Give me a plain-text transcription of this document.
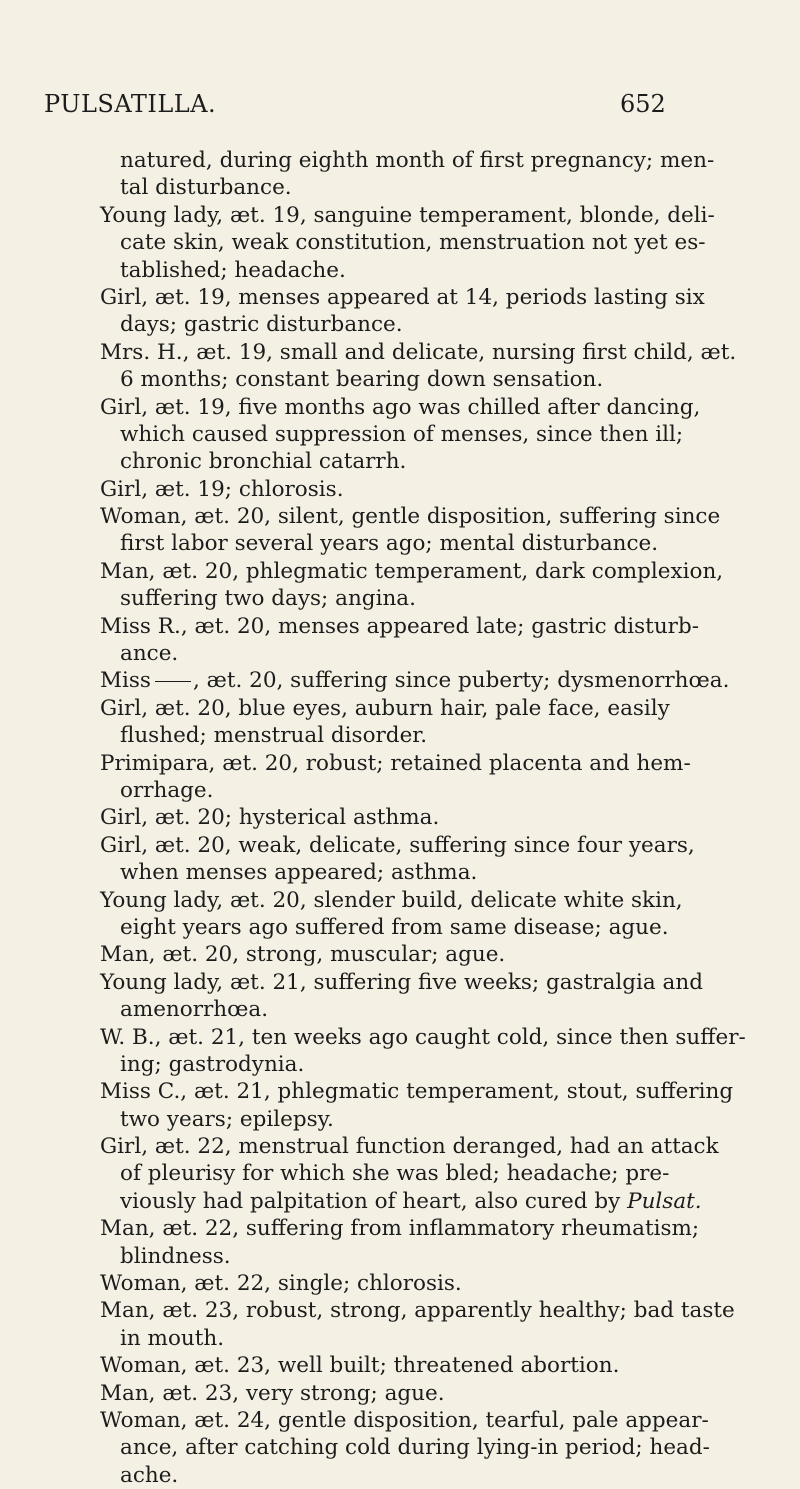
PULSATILLA.	652
natured, during eighth month of first pregnancy; men-
tal disturbance.
Young lady, æt. 19, sanguine temperament, blonde, deli-
cate skin, weak constitution, menstruation not yet es-
tablished; headache.
Girl, æt. 19, menses appeared at 14, periods lasting six
days; gastric disturbance.
Mrs. H., æt. 19, small and delicate, nursing first child, æt.
6 months; constant bearing down sensation.
Girl, æt. 19, five months ago was chilled after dancing,
which caused suppression of menses, since then ill;
chronic bronchial catarrh.
Girl, æt. 19; chlorosis.
Woman, æt. 20, silent, gentle disposition, suffering since
first labor several years ago; mental disturbance.
Man, æt. 20, phlegmatic temperament, dark complexion,
suffering two days; angina.
Miss R., æt. 20, menses appeared late; gastric disturb-
ance.
Miss , æt. 20, suffering since puberty; dysmenorrhœa.
Girl, æt. 20, blue eyes, auburn hair, pale face, easily
flushed; menstrual disorder.
Primipara, æt. 20, robust; retained placenta and hem-
orrhage.
Girl, æt. 20; hysterical asthma.
Girl, æt. 20, weak, delicate, suffering since four years,
when menses appeared; asthma.
Young lady, æt. 20, slender build, delicate white skin,
eight years ago suffered from same disease; ague.
Man, æt. 20, strong, muscular; ague.
Young lady, æt. 21, suffering five weeks; gastralgia and
amenorrhœa.
W. B., æt. 21, ten weeks ago caught cold, since then suffer-
ing; gastrodynia.
Miss C., æt. 21, phlegmatic temperament, stout, suffering
two years; epilepsy.
Girl, æt. 22, menstrual function deranged, had an attack
of pleurisy for which she was bled; headache; pre-
viously had palpitation of heart, also cured by Pulsat.
Man, æt. 22, suffering from inflammatory rheumatism;
blindness.
Woman, æt. 22, single; chlorosis.
Man, æt. 23, robust, strong, apparently healthy; bad taste
in mouth.
Woman, æt. 23, well built; threatened abortion.
Man, æt. 23, very strong; ague.
Woman, æt. 24, gentle disposition, tearful, pale appear-
ance, after catching cold during lying-in period; head-
ache.
